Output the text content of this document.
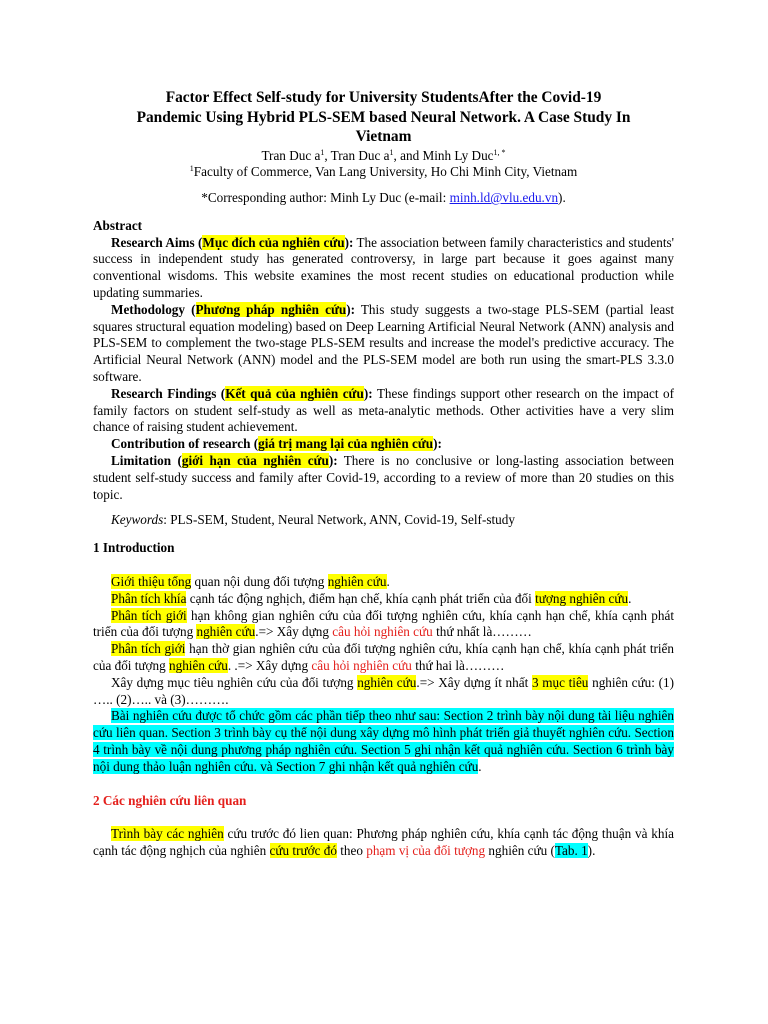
Factor Effect Self-study for University StudentsAfter the Covid-19
Pandemic Using Hybrid PLS-SEM based Neural Network. A Case Study In
Vietnam
Tran Duc $a^1$, Tran Duc $a^1$, and Minh Ly Duc$^{1, *}$
$^1$Faculty of Commerce, Van Lang University, Ho Chi Minh City, Vietnam
*Corresponding author: Minh Ly Duc (e-mail: minh.ld@vlu.edu.vn).
Abstract
Research Aims (Mục đích của nghiên cứu): The association between family characteristics and students' success in independent study has generated controversy, in large part because it goes against many conventional wisdoms. This website examines the most recent studies on educational production while updating summaries.
Methodology (Phương pháp nghiên cứu): This study suggests a two-stage PLS-SEM (partial least squares structural equation modeling) based on Deep Learning Artificial Neural Network (ANN) analysis and PLS-SEM to complement the two-stage PLS-SEM results and increase the model's predictive accuracy. The Artificial Neural Network (ANN) model and the PLS-SEM model are both run using the smart-PLS 3.3.0 software.
Research Findings (Kết quả của nghiên cứu): These findings support other research on the impact of family factors on student self-study as well as meta-analytic methods. Other activities have a very slim chance of raising student achievement.
Contribution of research (giá trị mang lại của nghiên cứu):
Limitation (giới hạn của nghiên cứu): There is no conclusive or long-lasting association between student self-study success and family after Covid-19, according to a review of more than 20 studies on this topic.
Keywords: PLS-SEM, Student, Neural Network, ANN, Covid-19, Self-study
1 Introduction
Giới thiệu tổng quan nội dung đối tượng nghiên cứu.
Phân tích khía cạnh tác động nghịch, điểm hạn chế, khía cạnh phát triển của đối tượng nghiên cứu.
Phân tích giới hạn không gian nghiên cứu của đối tượng nghiên cứu, khía cạnh hạn chế, khía cạnh phát triển của đối tượng nghiên cứu.=> Xây dựng câu hỏi nghiên cứu thứ nhất là………
Phân tích giới hạn thờ gian nghiên cứu của đối tượng nghiên cứu, khía cạnh hạn chế, khía cạnh phát triển của đối tượng nghiên cứu. .=> Xây dựng câu hỏi nghiên cứu thứ hai là………
Xây dựng mục tiêu nghiên cứu của đối tượng nghiên cứu.=> Xây dựng ít nhất 3 mục tiêu nghiên cứu: (1) ….. (2)….. và (3)……….
Bài nghiên cứu được tổ chức gồm các phần tiếp theo như sau: Section 2 trình bày nội dung tài liệu nghiên cứu liên quan. Section 3 trình bày cụ thể nội dung xây dựng mô hình phát triển giả thuyết nghiên cứu. Section 4 trình bày về nội dung phương pháp nghiên cứu. Section 5 ghi nhận kết quả nghiên cứu. Section 6 trình bày nội dung thảo luận nghiên cứu. và Section 7 ghi nhận kết quả nghiên cứu.
2 Các nghiên cứu liên quan
Trình bày các nghiên cứu trước đó lien quan: Phương pháp nghiên cứu, khía cạnh tác động thuận và khía cạnh tác động nghịch của nghiên cứu trước đó theo phạm vị của đối tượng nghiên cứu (Tab. 1).
